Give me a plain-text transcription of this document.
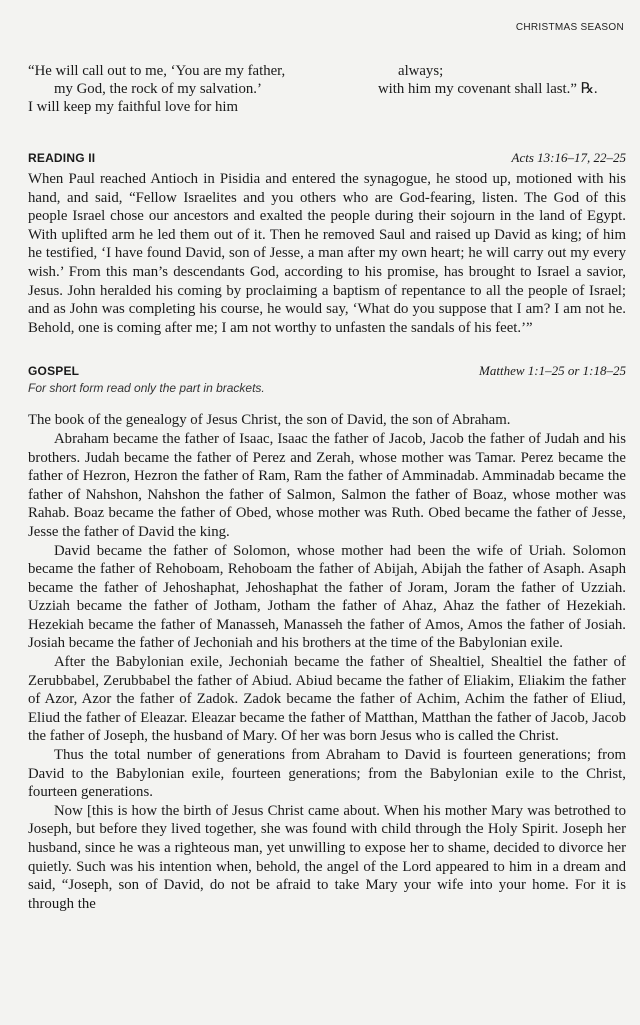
CHRISTMAS SEASON
“He will call out to me, ‘You are my father,	always;
my God, the rock of my salvation.’	with him my covenant shall last.” ℞.
I will keep my faithful love for him
READING II	Acts 13:16–17, 22–25

When Paul reached Antioch in Pisidia and entered the synagogue, he stood up, motioned with his hand, and said, “Fellow Israelites and you others who are God-fearing, listen. The God of this people Israel chose our ancestors and exalted the people during their sojourn in the land of Egypt. With uplifted arm he led them out of it. Then he removed Saul and raised up David as king; of him he testified, ‘I have found David, son of Jesse, a man after my own heart; he will carry out my every wish.’ From this man’s descendants God, according to his promise, has brought to Israel a savior, Jesus. John heralded his coming by proclaiming a baptism of repentance to all the people of Israel; and as John was completing his course, he would say, ‘What do you suppose that I am? I am not he. Behold, one is coming after me; I am not worthy to unfasten the sandals of his feet.’”

GOSPEL	Matthew 1:1–25 or 1:18–25
For short form read only the part in brackets.

The book of the genealogy of Jesus Christ, the son of David, the son of Abraham.

Abraham became the father of Isaac, Isaac the father of Jacob, Jacob the father of Judah and his brothers. Judah became the father of Perez and Zerah, whose mother was Tamar. Perez became the father of Hezron, Hezron the father of Ram, Ram the father of Amminadab. Amminadab became the father of Nahshon, Nahshon the father of Salmon, Salmon the father of Boaz, whose mother was Rahab. Boaz became the father of Obed, whose mother was Ruth. Obed became the father of Jesse, Jesse the father of David the king.

David became the father of Solomon, whose mother had been the wife of Uriah. Solomon became the father of Rehoboam, Rehoboam the father of Abijah, Abijah the father of Asaph. Asaph became the father of Jehoshaphat, Jehoshaphat the father of Joram, Joram the father of Uzziah. Uzziah became the father of Jotham, Jotham the father of Ahaz, Ahaz the father of Hezekiah. Hezekiah became the father of Manasseh, Manasseh the father of Amos, Amos the father of Josiah. Josiah became the father of Jechoniah and his brothers at the time of the Babylonian exile.

After the Babylonian exile, Jechoniah became the father of Shealtiel, Shealtiel the father of Zerubbabel, Zerubbabel the father of Abiud. Abiud became the father of Eliakim, Eliakim the father of Azor, Azor the father of Zadok. Zadok became the father of Achim, Achim the father of Eliud, Eliud the father of Eleazar. Eleazar became the father of Matthan, Matthan the father of Jacob, Jacob the father of Joseph, the husband of Mary. Of her was born Jesus who is called the Christ.

Thus the total number of generations from Abraham to David is fourteen generations; from David to the Babylonian exile, fourteen generations; from the Babylonian exile to the Christ, fourteen generations.

Now [this is how the birth of Jesus Christ came about. When his mother Mary was betrothed to Joseph, but before they lived together, she was found with child through the Holy Spirit. Joseph her husband, since he was a righteous man, yet unwilling to expose her to shame, decided to divorce her quietly. Such was his intention when, behold, the angel of the Lord appeared to him in a dream and said, “Joseph, son of David, do not be afraid to take Mary your wife into your home. For it is through the
